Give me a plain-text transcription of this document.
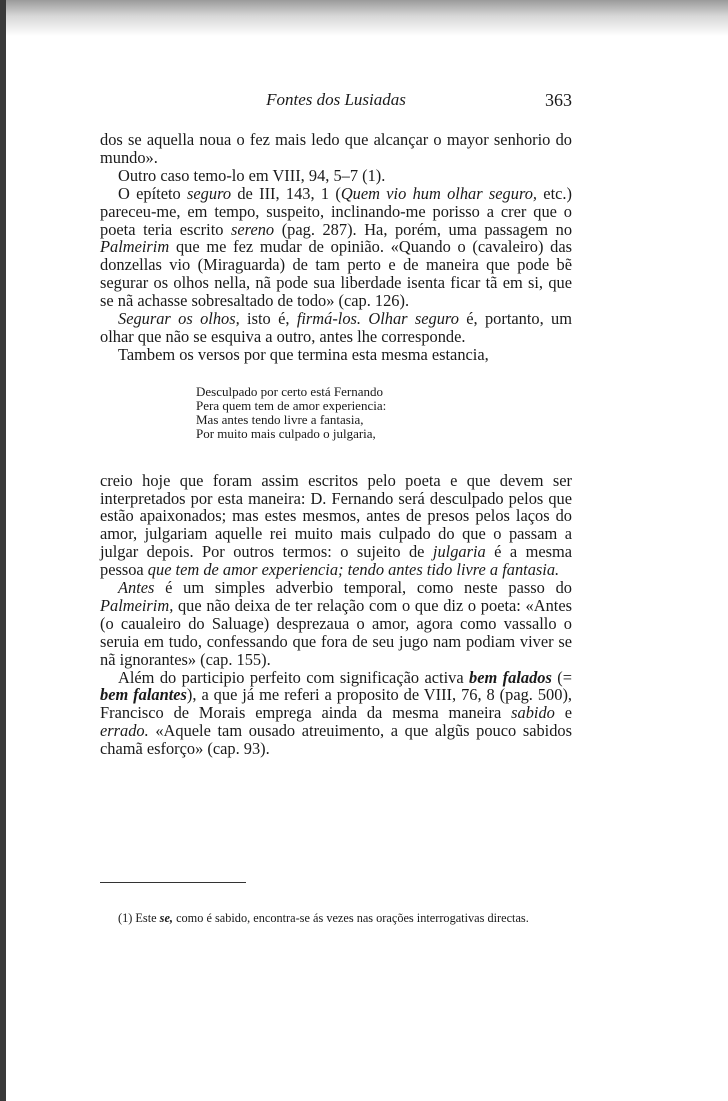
Fontes dos Lusiadas	363

dos se aquella noua o fez mais ledo que alcançar o mayor senhorio do mundo».

Outro caso temo-lo em VIII, 94, 5–7 (1).

O epíteto seguro de III, 143, 1 (Quem vio hum olhar seguro, etc.) pareceu-me, em tempo, suspeito, inclinando-me porisso a crer que o poeta teria escrito sereno (pag. 287). Ha, porém, uma passagem no Palmeirim que me fez mudar de opinião. «Quando o (cavaleiro) das donzellas vio (Miraguarda) de tam perto e de maneira que pode bẽ segurar os olhos nella, nã pode sua liberdade isenta ficar tã em si, que se nã achasse sobresaltado de todo» (cap. 126).

Segurar os olhos, isto é, firmá-los. Olhar seguro é, portanto, um olhar que não se esquiva a outro, antes lhe corresponde.

Tambem os versos por que termina esta mesma estancia,

Desculpado por certo está Fernando
Pera quem tem de amor experiencia:
Mas antes tendo livre a fantasia,
Por muito mais culpado o julgaria,

creio hoje que foram assim escritos pelo poeta e que devem ser interpretados por esta maneira: D. Fernando será desculpado pelos que estão apaixonados; mas estes mesmos, antes de presos pelos laços do amor, julgariam aquelle rei muito mais culpado do que o passam a julgar depois. Por outros termos: o sujeito de julgaria é a mesma pessoa que tem de amor experiencia; tendo antes tido livre a fantasia.

Antes é um simples adverbio temporal, como neste passo do Palmeirim, que não deixa de ter relação com o que diz o poeta: «Antes (o caualeiro do Saluage) desprezaua o amor, agora como vassallo o seruia em tudo, confessando que fora de seu jugo nam podiam viver se nã ignorantes» (cap. 155).

Além do participio perfeito com significação activa bem falados (= bem falantes), a que já me referi a proposito de VIII, 76, 8 (pag. 500), Francisco de Morais emprega ainda da mesma maneira sabido e errado. «Aquele tam ousado atreuimento, a que algũs pouco sabidos chamã esforço» (cap. 93).

(1) Este se, como é sabido, encontra-se ás vezes nas orações interrogativas directas.
